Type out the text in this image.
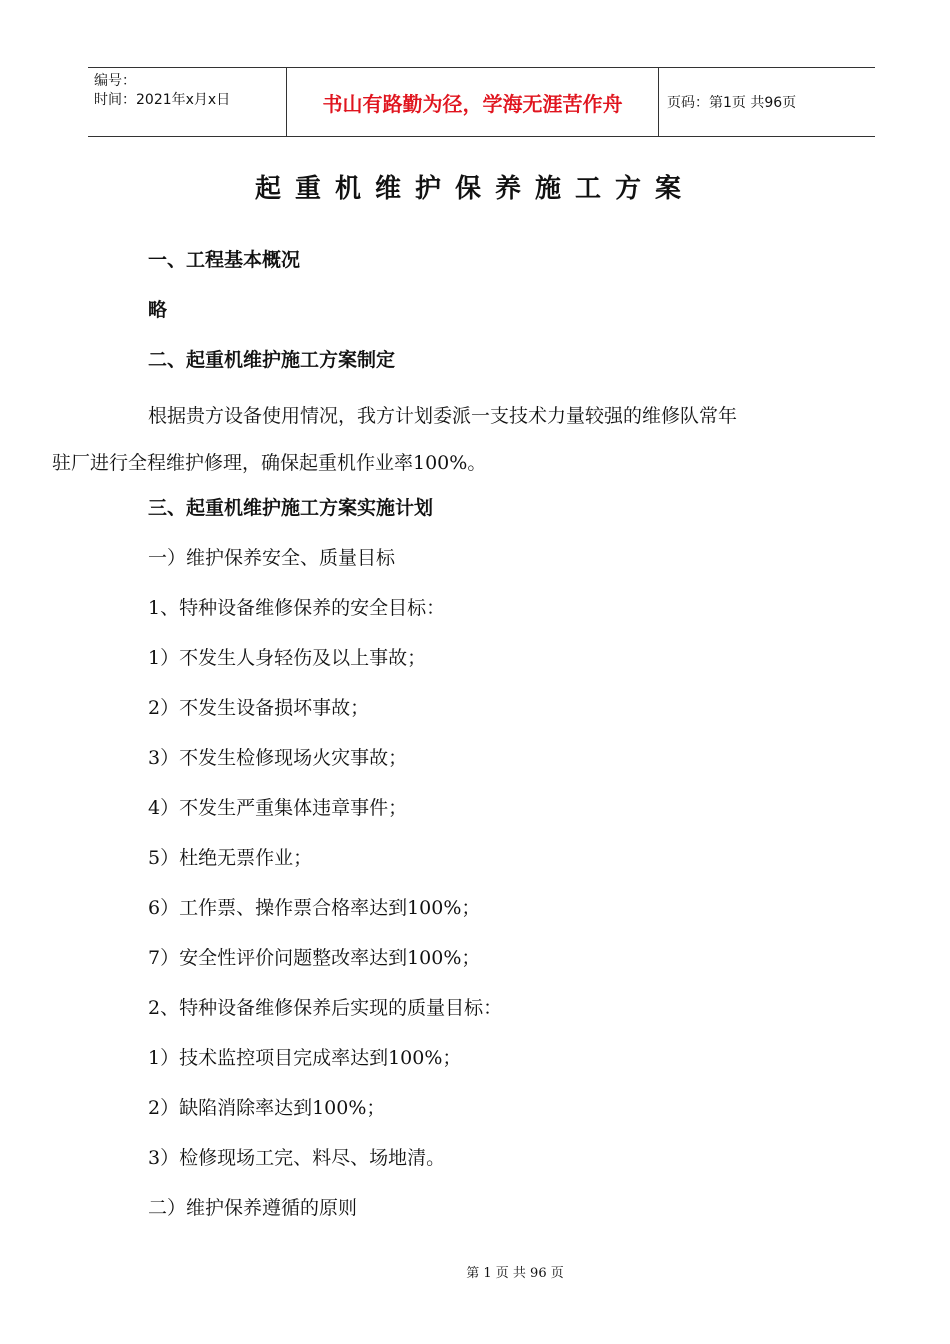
编号：
时间：2021年x月x日	书山有路勤为径，学海无涯苦作舟	页码：第1页 共96页
起重机维护保养施工方案
一、工程基本概况
略
二、起重机维护施工方案制定
根据贵方设备使用情况，我方计划委派一支技术力量较强的维修队常年
驻厂进行全程维护修理，确保起重机作业率100%。
三、起重机维护施工方案实施计划
一）维护保养安全、质量目标
1、特种设备维修保养的安全目标：
1）不发生人身轻伤及以上事故；
2）不发生设备损坏事故；
3）不发生检修现场火灾事故；
4）不发生严重集体违章事件；
5）杜绝无票作业；
6）工作票、操作票合格率达到100%；
7）安全性评价问题整改率达到100%；
2、特种设备维修保养后实现的质量目标：
1）技术监控项目完成率达到100%；
2）缺陷消除率达到100%；
3）检修现场工完、料尽、场地清。
二）维护保养遵循的原则
第 1 页 共 96 页
